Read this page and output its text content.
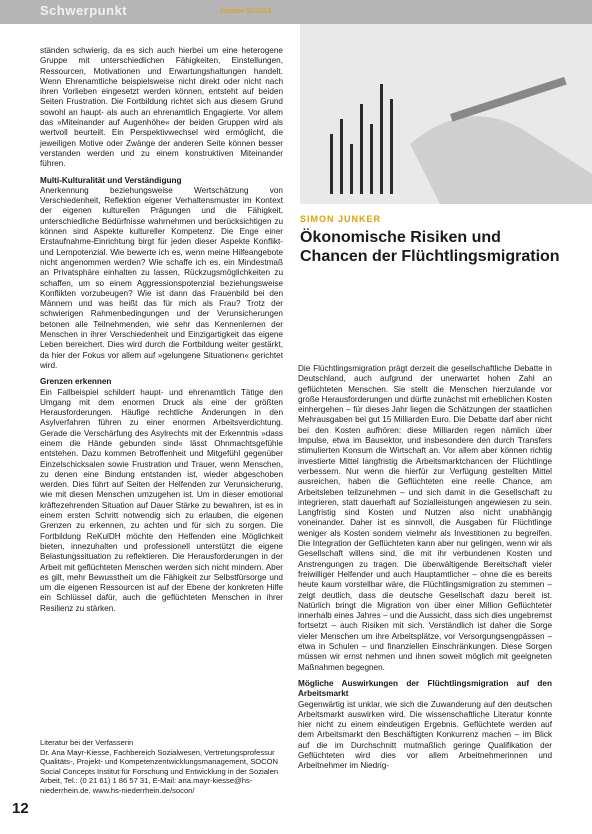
Schwerpunkt	impulse 91/2016

ständen schwierig, da es sich auch hierbei um eine heterogene Gruppe mit unterschiedlichen Fähigkeiten, Einstellungen, Ressourcen, Motivationen und Erwartungshaltungen handelt. Wenn Ehrenamtliche beispielsweise nicht direkt oder nicht nach ihren Vorlieben eingesetzt werden können, entsteht auf beiden Seiten Frustration. Die Fortbildung richtet sich aus diesem Grund sowohl an haupt- als auch an ehrenamtlich Engagierte. Vor allem das »Miteinander auf Augenhöhe« der beiden Gruppen wird als wertvoll beurteilt. Ein Perspektivwechsel wird ermöglicht, die jeweiligen Motive oder Zwänge der anderen Seite können besser verstanden werden und zu einem konstruktiven Miteinander führen.

Multi-Kulturalität und Verständigung

Anerkennung beziehungsweise Wertschätzung von Verschiedenheit, Reflektion eigener Verhaltensmuster im Kontext der eigenen kulturellen Prägungen und die Fähigkeit, unterschiedliche Bedürfnisse wahrnehmen und berücksichtigen zu können sind Aspekte kultureller Kompetenz. Die Enge einer Erstaufnahme-Einrichtung birgt für jeden dieser Aspekte Konflikt- und Lernpotenzial. Wie bewerte ich es, wenn meine Hilfeangebote nicht angenommen werden? Wie schaffe ich es, ein Mindestmaß an Privatsphäre einhalten zu lassen, Rückzugsmöglichkeiten zu schaffen, um so einem Aggressionspotenzial beziehungsweise Konflikten vorzubeugen? Wie ist dann das Frauenbild bei den Männern und was heißt das für mich als Frau? Trotz der schwierigen Rahmenbedingungen und der Verunsicherungen betonen alle Teilnehmenden, wie sehr das Kennenlernen der Menschen in ihrer Verschiedenheit und Einzigartigkeit das eigene Leben bereichert. Dies wird durch die Fortbildung weiter gestärkt, da hier der Fokus vor allem auf »gelungene Situationen« gerichtet wird.

Grenzen erkennen

Ein Fallbeispiel schildert haupt- und ehrenamtlich Tätige den Umgang mit dem enormen Druck als eine der größten Herausforderungen. Häufige rechtliche Änderungen in den Asylverfahren führen zu einer enormen Arbeitsverdichtung. Gerade die Verschärfung des Asylrechts mit der Erkenntnis »dass einem die Hände gebunden sind« lässt Ohnmachtsgefühle entstehen. Dazu kommen Betroffenheit und Mitgefühl gegenüber Einzelschicksalen sowie Frustration und Trauer, wenn Menschen, zu denen eine Bindung entstanden ist, wieder abgeschoben werden. Dies führt auf Seiten der Helfenden zur Verunsicherung, wie mit diesen Menschen umzugehen ist. Um in dieser emotional kräftezehrenden Situation auf Dauer Stärke zu bewahren, ist es in einem ersten Schritt notwendig sich zu erlauben, die eigenen Grenzen zu erkennen, zu achten und für sich zu sorgen. Die Fortbildung ReKulDH möchte den Helfenden eine Möglichkeit bieten, innezuhalten und professionell unterstützt die eigene Belastungssituation zu reflektieren. Die Herausforderungen in der Arbeit mit geflüchteten Menschen werden sich nicht mindern. Aber es gilt, mehr Bewusstheit um die Fähigkeit zur Selbstfürsorge und um die eigenen Ressourcen ist auf der Ebene der konkreten Hilfe ein Schlüssel dafür, auch die geflüchteten Menschen in ihrer Resilienz zu stärken.

Literatur bei der Verfasserin
Dr. Ana Mayr-Kiesse, Fachbereich Sozialwesen, Vertretungsprofessur Qualitäts-, Projekt- und Kompetenzentwicklungsmanagement, SOCON Social Concepts Institut für Forschung und Entwicklung in der Sozialen Arbeit, Tel.: (0 21 61) 1 86 57 31, E-Mail: ana.mayr-kiesse@hs-niederrhein.de, www.hs-niederrhein.de/socon/
SIMON JUNKER
Ökonomische Risiken und Chancen der Flüchtlingsmigration

Die Flüchtlingsmigration prägt derzeit die gesellschaftliche Debatte in Deutschland, auch aufgrund der unerwartet hohen Zahl an geflüchteten Menschen. Sie stellt die Menschen hierzulande vor große Herausforderungen und dürfte zunächst mit erheblichen Kosten einhergehen – für dieses Jahr liegen die Schätzungen der staatlichen Mehrausgaben bei gut 15 Milliarden Euro. Die Debatte darf aber nicht bei den Kosten aufhören: diese Milliarden regen nämlich über Impulse, etwa im Bausektor, und insbesondere den durch Transfers stimulierten Konsum die Wirtschaft an. Vor allem aber können richtig investierte Mittel langfristig die Arbeitsmarktchancen der Flüchtlinge verbessern. Nur wenn die hierfür zur Verfügung gestellten Mittel ausreichen, haben die Geflüchteten eine reelle Chance, am Arbeitsleben teilzunehmen – und sich damit in die Gesellschaft zu integrieren, statt dauerhaft auf Sozialleistungen angewiesen zu sein. Langfristig sind Kosten und Nutzen also nicht unabhängig voneinander. Daher ist es sinnvoll, die Ausgaben für Flüchtlinge weniger als Kosten sondern vielmehr als Investitionen zu begreifen. Die Integration der Geflüchteten kann aber nur gelingen, wenn wir als Gesellschaft willens sind, die mit ihr verbundenen Kosten und Anstrengungen zu tragen. Die überwältigende Bereitschaft vieler freiwilliger Helfender und auch Hauptamtlicher – ohne die es bereits heute kaum vorstellbar wäre, die Flüchtlingsmigration zu stemmen – zeigt deutlich, dass die deutsche Gesellschaft dazu bereit ist. Natürlich bringt die Migration von über einer Million Geflüchteter innerhalb eines Jahres – und die Aussicht, dass sich dies ungebremst fortsetzt – auch Risiken mit sich. Verständlich ist daher die Sorge vieler Menschen um ihre Arbeitsplätze, vor Versorgungsengpässen – etwa in Schulen – und finanziellen Einschränkungen. Diese Sorgen müssen wir ernst nehmen und ihnen soweit möglich mit geeigneten Maßnahmen begegnen.

Mögliche Auswirkungen der Flüchtlingsmigration auf den Arbeitsmarkt

Gegenwärtig ist unklar, wie sich die Zuwanderung auf den deutschen Arbeitsmarkt auswirken wird. Die wissenschaftliche Literatur konnte hier nicht zu einem eindeutigen Ergebnis. Geflüchtete werden auf dem Arbeitsmarkt den Beschäftigten Konkurrenz machen – im Blick auf die im Durchschnitt mutmaßlich geringe Qualifikation der Geflüchteten wird dies vor allem Arbeitnehmerinnen und Arbeitnehmer im Niedrig-

12
